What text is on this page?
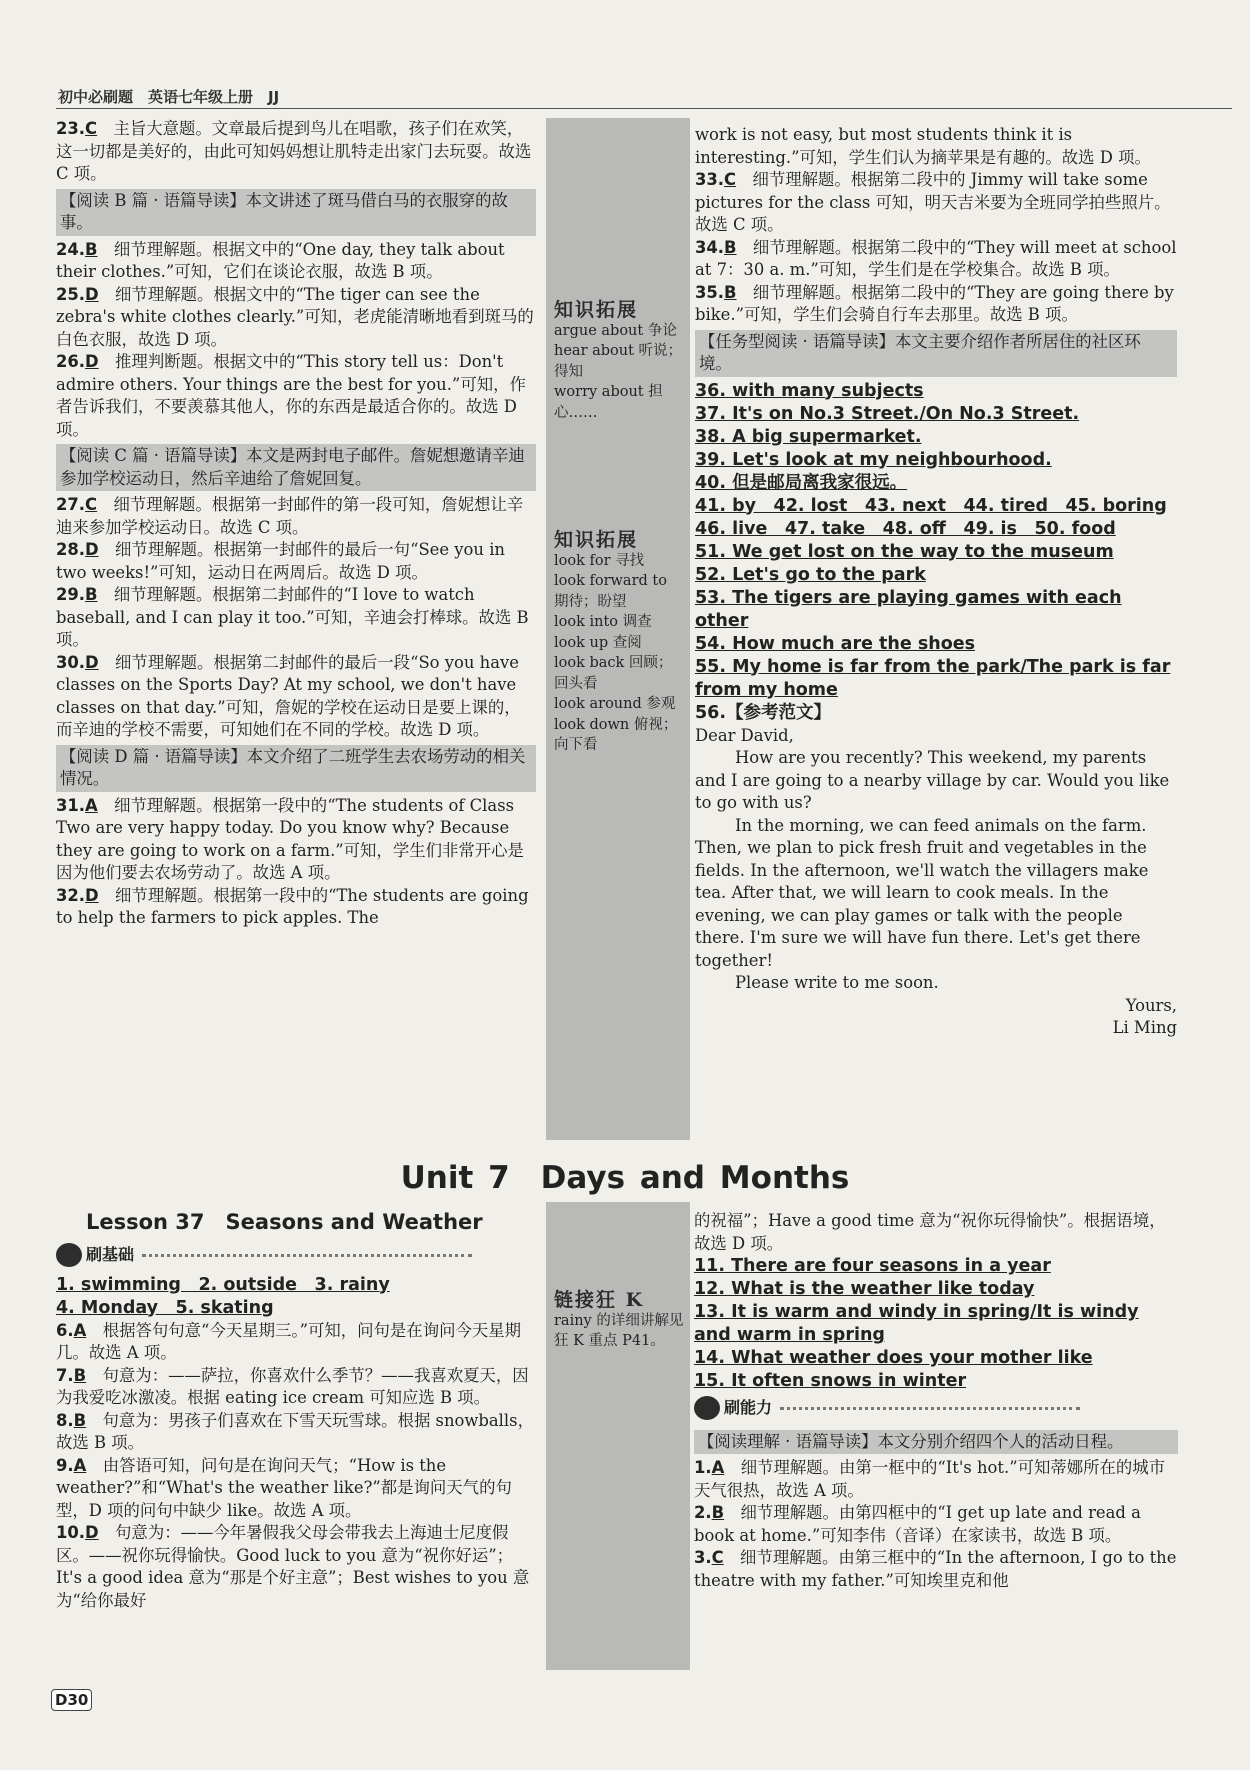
初中必刷题　英语七年级上册　JJ
知识拓展
argue about 争论
hear about 听说；得知
worry about 担心……
知识拓展
look for 寻找
look forward to 期待；盼望
look into 调查
look up 查阅
look back 回顾；回头看
look around 参观
look down 俯视；向下看
链接狂 K
rainy 的详细讲解见狂 K 重点 P41。
23.C　主旨大意题。文章最后提到鸟儿在唱歌，孩子们在欢笑，这一切都是美好的，由此可知妈妈想让肌特走出家门去玩耍。故选 C 项。
【阅读 B 篇 · 语篇导读】本文讲述了斑马借白马的衣服穿的故事。
24.B　细节理解题。根据文中的“One day, they talk about their clothes.”可知，它们在谈论衣服，故选 B 项。
25.D　细节理解题。根据文中的“The tiger can see the zebra's white clothes clearly.”可知，老虎能清晰地看到斑马的白色衣服，故选 D 项。
26.D　推理判断题。根据文中的“This story tell us：Don't admire others. Your things are the best for you.”可知，作者告诉我们，不要羡慕其他人，你的东西是最适合你的。故选 D 项。
【阅读 C 篇 · 语篇导读】本文是两封电子邮件。詹妮想邀请辛迪参加学校运动日，然后辛迪给了詹妮回复。
27.C　细节理解题。根据第一封邮件的第一段可知，詹妮想让辛迪来参加学校运动日。故选 C 项。
28.D　细节理解题。根据第一封邮件的最后一句“See you in two weeks!”可知，运动日在两周后。故选 D 项。
29.B　细节理解题。根据第二封邮件的“I love to watch baseball, and I can play it too.”可知，辛迪会打棒球。故选 B 项。
30.D　细节理解题。根据第二封邮件的最后一段“So you have classes on the Sports Day? At my school, we don't have classes on that day.”可知，詹妮的学校在运动日是要上课的，而辛迪的学校不需要，可知她们在不同的学校。故选 D 项。
【阅读 D 篇 · 语篇导读】本文介绍了二班学生去农场劳动的相关情况。
31.A　细节理解题。根据第一段中的“The students of Class Two are very happy today. Do you know why? Because they are going to work on a farm.”可知，学生们非常开心是因为他们要去农场劳动了。故选 A 项。
32.D　细节理解题。根据第一段中的“The students are going to help the farmers to pick apples. The
work is not easy, but most students think it is interesting.”可知，学生们认为摘苹果是有趣的。故选 D 项。
33.C　细节理解题。根据第二段中的 Jimmy will take some pictures for the class 可知，明天吉米要为全班同学拍些照片。故选 C 项。
34.B　细节理解题。根据第二段中的“They will meet at school at 7：30 a. m.”可知，学生们是在学校集合。故选 B 项。
35.B　细节理解题。根据第二段中的“They are going there by bike.”可知，学生们会骑自行车去那里。故选 B 项。
【任务型阅读 · 语篇导读】本文主要介绍作者所居住的社区环境。
36. with many subjects
37. It's on No.3 Street./On No.3 Street.
38. A big supermarket.
39. Let's look at my neighbourhood.
40. 但是邮局离我家很远。
41. by　42. lost　43. next　44. tired　45. boring
46. live　47. take　48. off　49. is　50. food
51. We get lost on the way to the museum
52. Let's go to the park
53. The tigers are playing games with each other
54. How much are the shoes
55. My home is far from the park/The park is far from my home
56.【参考范文】
Dear David,
How are you recently? This weekend, my parents and I are going to a nearby village by car. Would you like to go with us?
In the morning, we can feed animals on the farm. Then, we plan to pick fresh fruit and vegetables in the fields. In the afternoon, we'll watch the villagers make tea. After that, we will learn to cook meals. In the evening, we can play games or talk with the people there. I'm sure we will have fun there. Let's get there together!
Please write to me soon.
Yours,
Li Ming
Unit 7　Days and Months
Lesson 37　Seasons and Weather
刷基础
1. swimming　2. outside　3. rainy
4. Monday　5. skating
6.A　根据答句句意“今天星期三。”可知，问句是在询问今天星期几。故选 A 项。
7.B　句意为：——萨拉，你喜欢什么季节？——我喜欢夏天，因为我爱吃冰激凌。根据 eating ice cream 可知应选 B 项。
8.B　句意为：男孩子们喜欢在下雪天玩雪球。根据 snowballs，故选 B 项。
9.A　由答语可知，问句是在询问天气；“How is the weather?”和“What's the weather like?”都是询问天气的句型，D 项的问句中缺少 like。故选 A 项。
10.D　句意为：——今年暑假我父母会带我去上海迪士尼度假区。——祝你玩得愉快。Good luck to you 意为“祝你好运”；It's a good idea 意为“那是个好主意”；Best wishes to you 意为“给你最好
的祝福”；Have a good time 意为“祝你玩得愉快”。根据语境，故选 D 项。
11. There are four seasons in a year
12. What is the weather like today
13. It is warm and windy in spring/It is windy and warm in spring
14. What weather does your mother like
15. It often snows in winter
刷能力
【阅读理解 · 语篇导读】本文分别介绍四个人的活动日程。
1.A　细节理解题。由第一框中的“It's hot.”可知蒂娜所在的城市天气很热，故选 A 项。
2.B　细节理解题。由第四框中的“I get up late and read a book at home.”可知李伟（音译）在家读书，故选 B 项。
3.C　细节理解题。由第三框中的“In the afternoon, I go to the theatre with my father.”可知埃里克和他
D30
